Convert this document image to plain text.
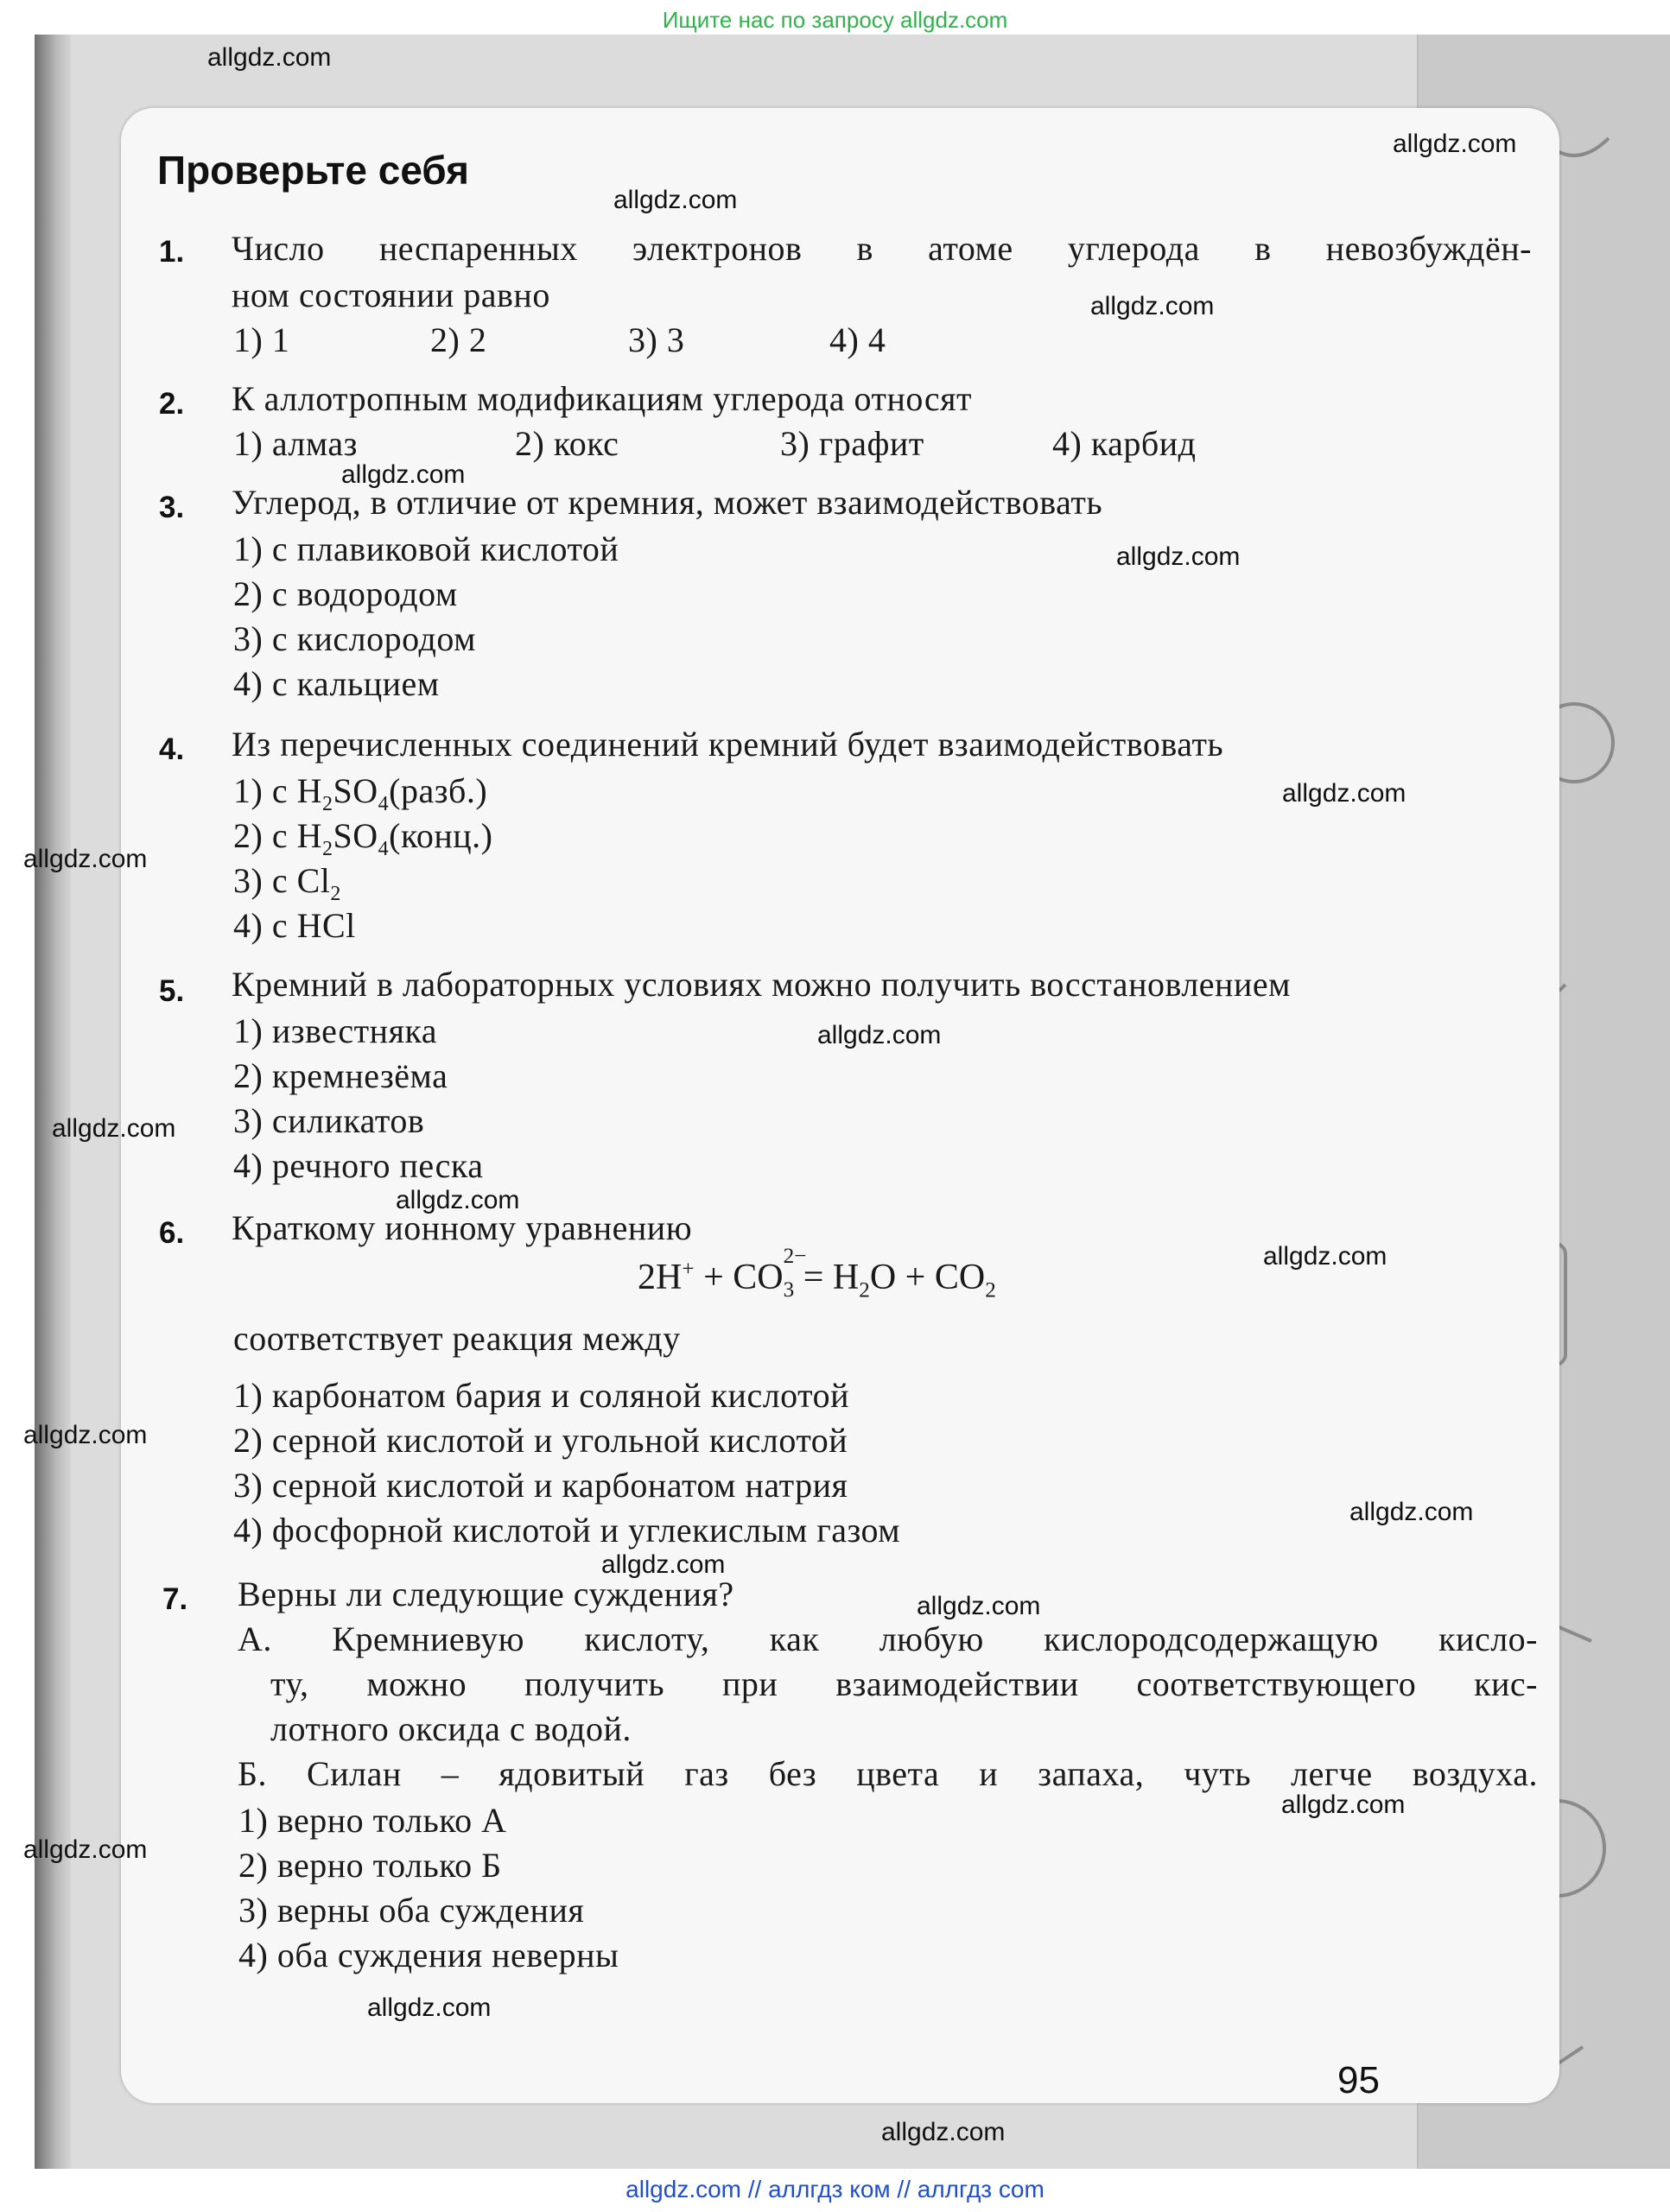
Ищите нас по запросу allgdz.com
Проверьте себя
1. Число неспаренных электронов в атоме углерода в невозбуждён-
ном состоянии равно
1) 1	2) 2	3) 3	4) 4
2. К аллотропным модификациям углерода относят
1) алмаз	2) кокс	3) графит	4) карбид
3. Углерод, в отличие от кремния, может взаимодействовать
1) с плавиковой кислотой
2) с водородом
3) с кислородом
4) с кальцием
4. Из перечисленных соединений кремний будет взаимодействовать
1) с $H_2SO_4(разб.)$
2) с $H_2SO_4(конц.)$
3) с $Cl_2$
4) с HCl
5. Кремний в лабораторных условиях можно получить восстановлением
1) известняка
2) кремнезёма
3) силикатов
4) речного песка
6. Краткому ионному уравнению
2H+ + CO
$_{2- 3} = H_2O + CO_2$
соответствует реакция между
1) карбонатом бария и соляной кислотой
2) серной кислотой и угольной кислотой
3) серной кислотой и карбонатом натрия
4) фосфорной кислотой и углекислым газом
7. Верны ли следующие суждения?
А. Кремниевую кислоту, как любую кислородсодержащую кисло-
ту, можно получить при взаимодействии соответствующего кис-
лотного оксида с водой.
Б. Силан – ядовитый газ без цвета и запаха, чуть легче воздуха.
1) верно только А
2) верно только Б
3) верны оба суждения
4) оба суждения неверны
95
allgdz.com
allgdz.com
allgdz.com
allgdz.com
allgdz.com
allgdz.com
allgdz.com
allgdz.com
allgdz.com
allgdz.com
allgdz.com
allgdz.com
allgdz.com
allgdz.com
allgdz.com
allgdz.com
allgdz.com
allgdz.com
allgdz.com
allgdz.com
allgdz.com // аллгдз ком // аллгдз com
